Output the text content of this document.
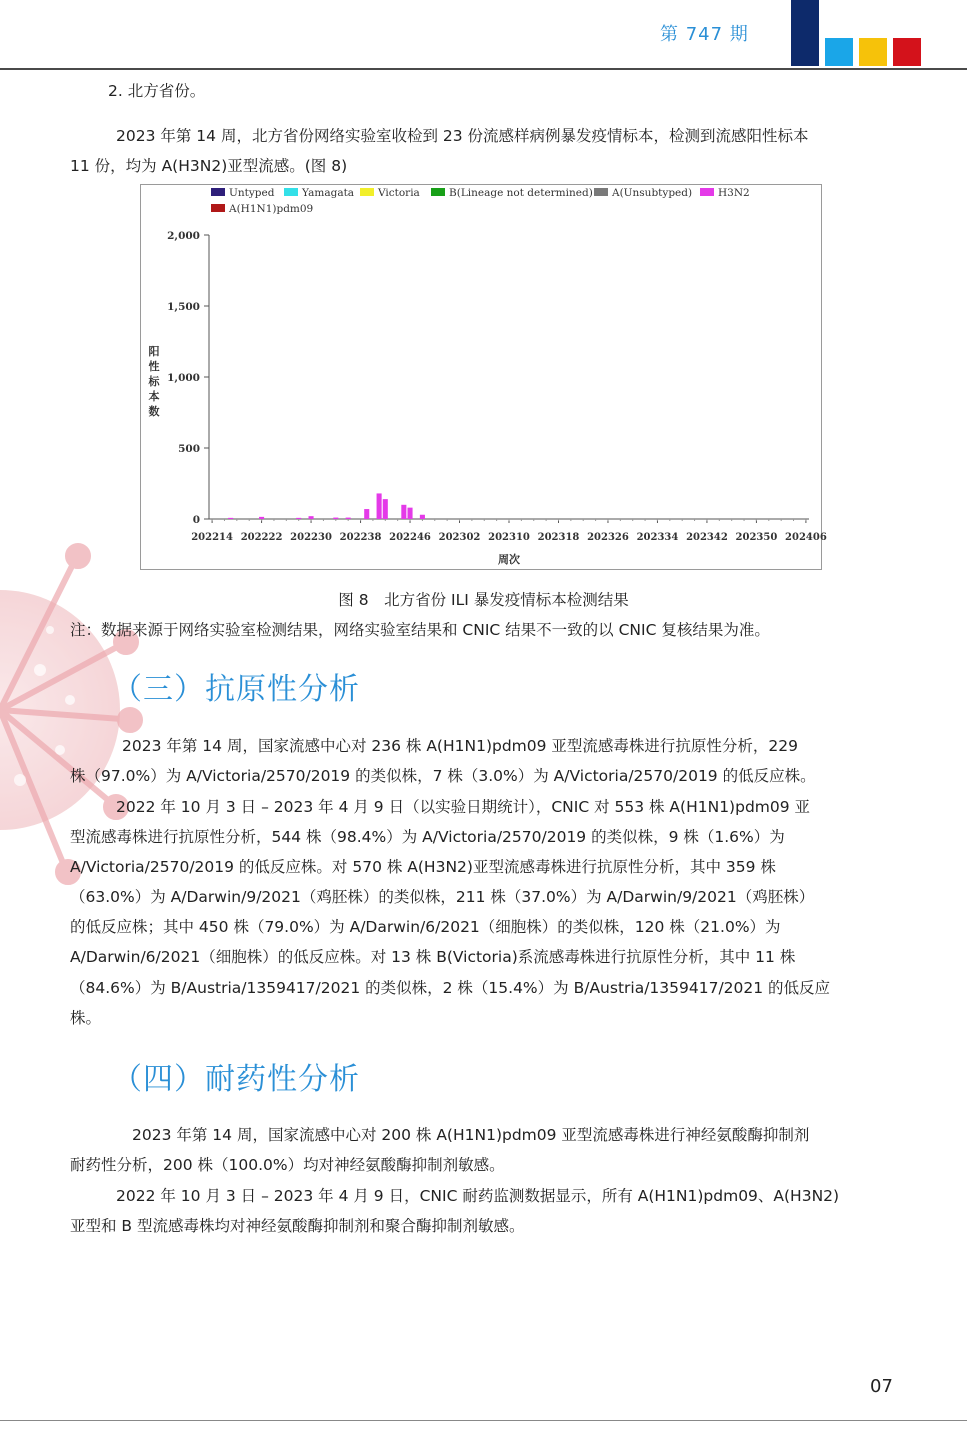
第 747 期
2. 北方省份。
2023 年第 14 周，北方省份网络实验室收检到 23 份流感样病例暴发疫情标本，检测到流感阳性标本
11 份，均为 A(H3N2)亚型流感。(图 8)
Untyped	Yamagata Victoria	B(Lineage not determined) A(Unsubtyped) H3N2
A(H1N1)pdm09
0
500
1,000
1,500
2,000
阳
性
标
本
数
202214 202222 202230 202238 202246 202302 202310 202318 202326 202334 202342 202350 202406
周次
图 8　北方省份 ILI 暴发疫情标本检测结果
注：数据来源于网络实验室检测结果，网络实验室结果和 CNIC 结果不一致的以 CNIC 复核结果为准。
（三）抗原性分析
2023 年第 14 周，国家流感中心对 236 株 A(H1N1)pdm09 亚型流感毒株进行抗原性分析，229
株（97.0%）为 A/Victoria/2570/2019 的类似株，7 株（3.0%）为 A/Victoria/2570/2019 的低反应株。
2022 年 10 月 3 日 – 2023 年 4 月 9 日（以实验日期统计），CNIC 对 553 株 A(H1N1)pdm09 亚
型流感毒株进行抗原性分析，544 株（98.4%）为 A/Victoria/2570/2019 的类似株，9 株（1.6%）为
A/Victoria/2570/2019 的低反应株。对 570 株 A(H3N2)亚型流感毒株进行抗原性分析，其中 359 株
（63.0%）为 A/Darwin/9/2021（鸡胚株）的类似株，211 株（37.0%）为 A/Darwin/9/2021（鸡胚株）
的低反应株；其中 450 株（79.0%）为 A/Darwin/6/2021（细胞株）的类似株，120 株（21.0%）为
A/Darwin/6/2021（细胞株）的低反应株。对 13 株 B(Victoria)系流感毒株进行抗原性分析，其中 11 株
（84.6%）为 B/Austria/1359417/2021 的类似株，2 株（15.4%）为 B/Austria/1359417/2021 的低反应
株。
（四）耐药性分析
2023 年第 14 周，国家流感中心对 200 株 A(H1N1)pdm09 亚型流感毒株进行神经氨酸酶抑制剂
耐药性分析，200 株（100.0%）均对神经氨酸酶抑制剂敏感。
2022 年 10 月 3 日 – 2023 年 4 月 9 日，CNIC 耐药监测数据显示，所有 A(H1N1)pdm09、A(H3N2)
亚型和 B 型流感毒株均对神经氨酸酶抑制剂和聚合酶抑制剂敏感。
07
